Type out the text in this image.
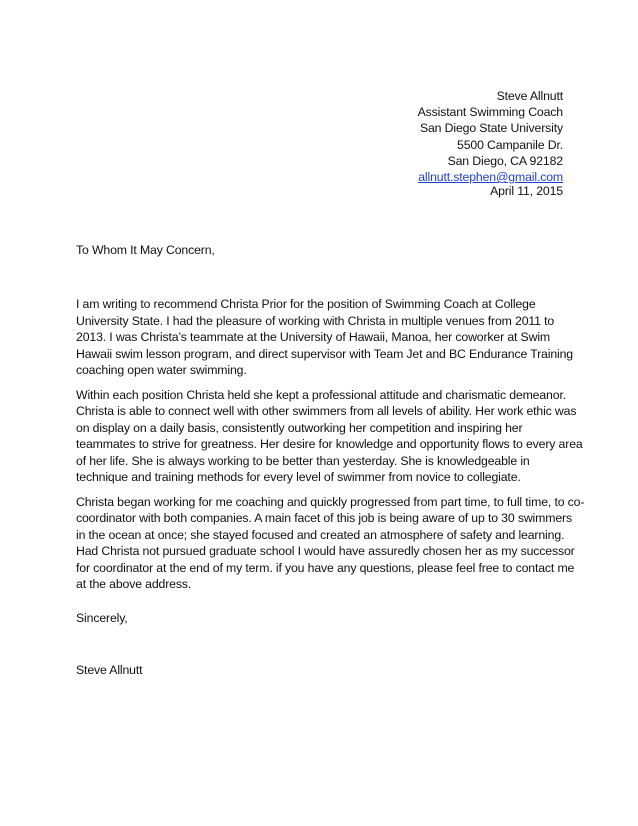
Steve Allnutt
Assistant Swimming Coach
San Diego State University
5500 Campanile Dr.
San Diego, CA 92182
allnutt.stephen@gmail.com
April 11, 2015
To Whom It May Concern,

I am writing to recommend Christa Prior for the position of Swimming Coach at College
University State. I had the pleasure of working with Christa in multiple venues from 2011 to
2013. I was Christa’s teammate at the University of Hawaii, Manoa, her coworker at Swim
Hawaii swim lesson program, and direct supervisor with Team Jet and BC Endurance Training
coaching open water swimming.

Within each position Christa held she kept a professional attitude and charismatic demeanor.
Christa is able to connect well with other swimmers from all levels of ability. Her work ethic was
on display on a daily basis, consistently outworking her competition and inspiring her
teammates to strive for greatness. Her desire for knowledge and opportunity flows to every area
of her life. She is always working to be better than yesterday. She is knowledgeable in
technique and training methods for every level of swimmer from novice to collegiate.

Christa began working for me coaching and quickly progressed from part time, to full time, to co-
coordinator with both companies. A main facet of this job is being aware of up to 30 swimmers
in the ocean at once; she stayed focused and created an atmosphere of safety and learning.
Had Christa not pursued graduate school I would have assuredly chosen her as my successor
for coordinator at the end of my term. if you have any questions, please feel free to contact me
at the above address.

Sincerely,
Steve Allnutt
